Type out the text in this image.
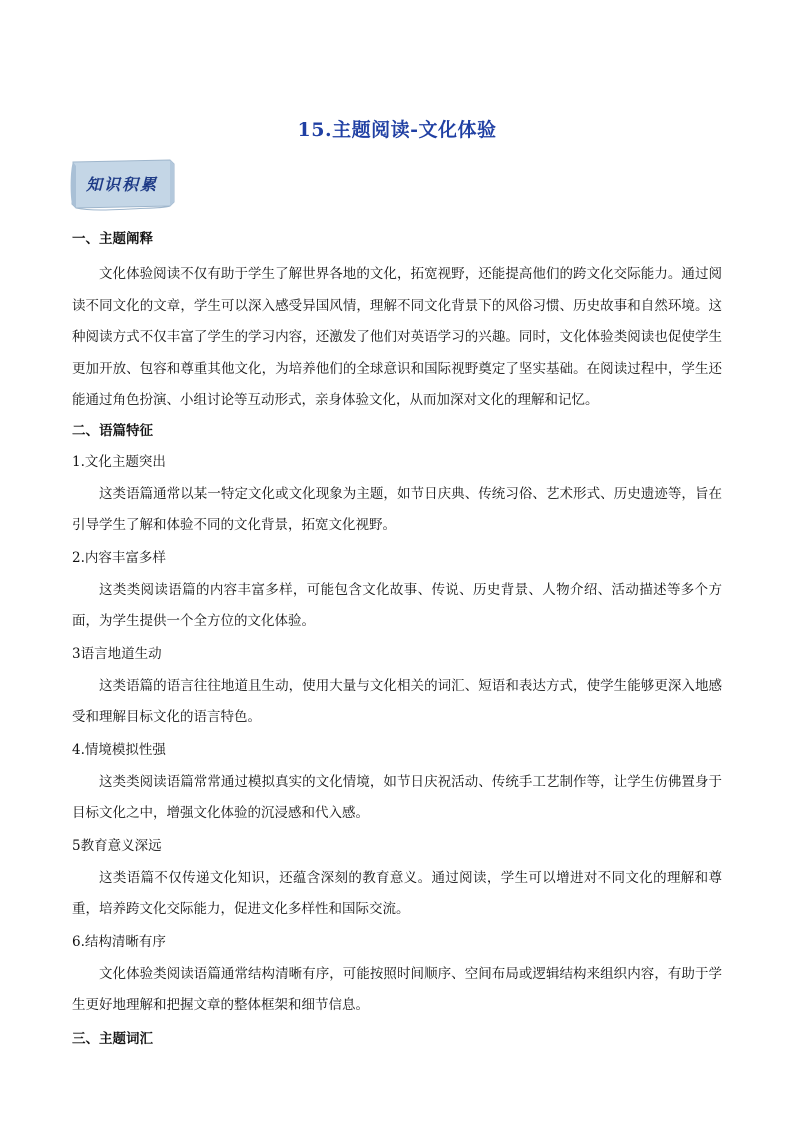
15.主题阅读-文化体验
知识积累
一、主题阐释

文化体验阅读不仅有助于学生了解世界各地的文化，拓宽视野，还能提高他们的跨文化交际能力。通过阅读不同文化的文章，学生可以深入感受异国风情，理解不同文化背景下的风俗习惯、历史故事和自然环境。这种阅读方式不仅丰富了学生的学习内容，还激发了他们对英语学习的兴趣。同时，文化体验类阅读也促使学生更加开放、包容和尊重其他文化，为培养他们的全球意识和国际视野奠定了坚实基础。在阅读过程中，学生还能通过角色扮演、小组讨论等互动形式，亲身体验文化，从而加深对文化的理解和记忆。

二、语篇特征
1.文化主题突出

这类语篇通常以某一特定文化或文化现象为主题，如节日庆典、传统习俗、艺术形式、历史遗迹等，旨在引导学生了解和体验不同的文化背景，拓宽文化视野。

2.内容丰富多样

这类类阅读语篇的内容丰富多样，可能包含文化故事、传说、历史背景、人物介绍、活动描述等多个方面，为学生提供一个全方位的文化体验。

3语言地道生动

这类语篇的语言往往地道且生动，使用大量与文化相关的词汇、短语和表达方式，使学生能够更深入地感受和理解目标文化的语言特色。

4.情境模拟性强

这类类阅读语篇常常通过模拟真实的文化情境，如节日庆祝活动、传统手工艺制作等，让学生仿佛置身于目标文化之中，增强文化体验的沉浸感和代入感。

5教育意义深远

这类语篇不仅传递文化知识，还蕴含深刻的教育意义。通过阅读，学生可以增进对不同文化的理解和尊重，培养跨文化交际能力，促进文化多样性和国际交流。

6.结构清晰有序

文化体验类阅读语篇通常结构清晰有序，可能按照时间顺序、空间布局或逻辑结构来组织内容，有助于学生更好地理解和把握文章的整体框架和细节信息。

三、主题词汇
